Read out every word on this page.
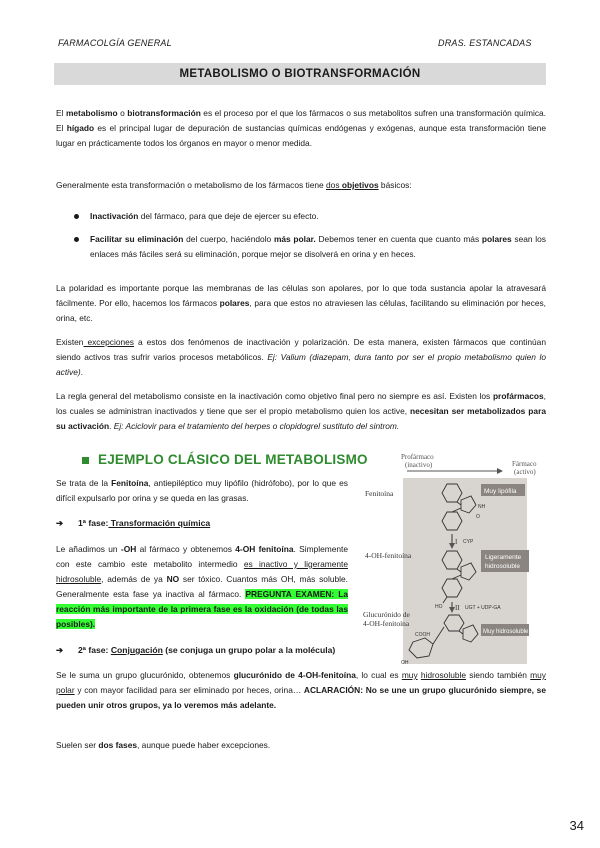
FARMACOLGÍA GENERAL	DRAS. ESTANCADAS
METABOLISMO O BIOTRANSFORMACIÓN
El metabolismo o biotransformación es el proceso por el que los fármacos o sus metabolitos sufren una transformación química. El hígado es el principal lugar de depuración de sustancias químicas endógenas y exógenas, aunque esta transformación tiene lugar en prácticamente todos los órganos en mayor o menor medida.
Generalmente esta transformación o metabolismo de los fármacos tiene dos objetivos básicos:
Inactivación del fármaco, para que deje de ejercer su efecto.
Facilitar su eliminación del cuerpo, haciéndolo más polar. Debemos tener en cuenta que cuanto más polares sean los enlaces más fáciles será su eliminación, porque mejor se disolverá en orina y en heces.
La polaridad es importante porque las membranas de las células son apolares, por lo que toda sustancia apolar la atravesará fácilmente. Por ello, hacemos los fármacos polares, para que estos no atraviesen las células, facilitando su eliminación por heces, orina, etc.
Existen excepciones a estos dos fenómenos de inactivación y polarización. De esta manera, existen fármacos que continúan siendo activos tras sufrir varios procesos metabólicos. Ej: Valium (diazepam, dura tanto por ser el propio metabolismo quien lo active).
La regla general del metabolismo consiste en la inactivación como objetivo final pero no siempre es así. Existen los profármacos, los cuales se administran inactivados y tiene que ser el propio metabolismo quien los active, necesitan ser metabolizados para su activación. Ej: Aciclovir para el tratamiento del herpes o clopidogrel sustituto del sintrom.
EJEMPLO CLÁSICO DEL METABOLISMO
Se trata de la Fenitoína, antiepiléptico muy lipófilo (hidrófobo), por lo que es difícil expulsarlo por orina y se queda en las grasas.
➔ 1ª fase: Transformación química
Le añadimos un -OH al fármaco y obtenemos 4-OH fenitoína. Simplemente con este cambio este metabolito intermedio es inactivo y ligeramente hidrosoluble, además de ya NO ser tóxico. Cuantos más OH, más soluble. Generalmente esta fase ya inactiva al fármaco. PREGUNTA EXAMEN: La reacción más importante de la primera fase es la oxidación (de todas las posibles).
➔ 2ª fase: Conjugación (se conjuga un grupo polar a la molécula)
Se le suma un grupo glucurónido, obtenemos glucurónido de 4-OH-fenitoína, lo cual es muy hidrosoluble siendo también muy polar y con mayor facilidad para ser eliminado por heces, orina… ACLARACIÓN: No se une un grupo glucurónido siempre, se pueden unir otros grupos, ya lo veremos más adelante.
Suelen ser dos fases, aunque puede haber excepciones.
Profármaco
(inactivo)	Fármaco
(activo)
Fenitoína	Muy lipófila
NH
O
I CYP
4-OH-fenitoína
HO
Ligeramente
hidrosoluble
II UGT + UDP-GA
Glucurónido de
4-OH-fenitoína
COOH
OH
Muy hidrosoluble
34
